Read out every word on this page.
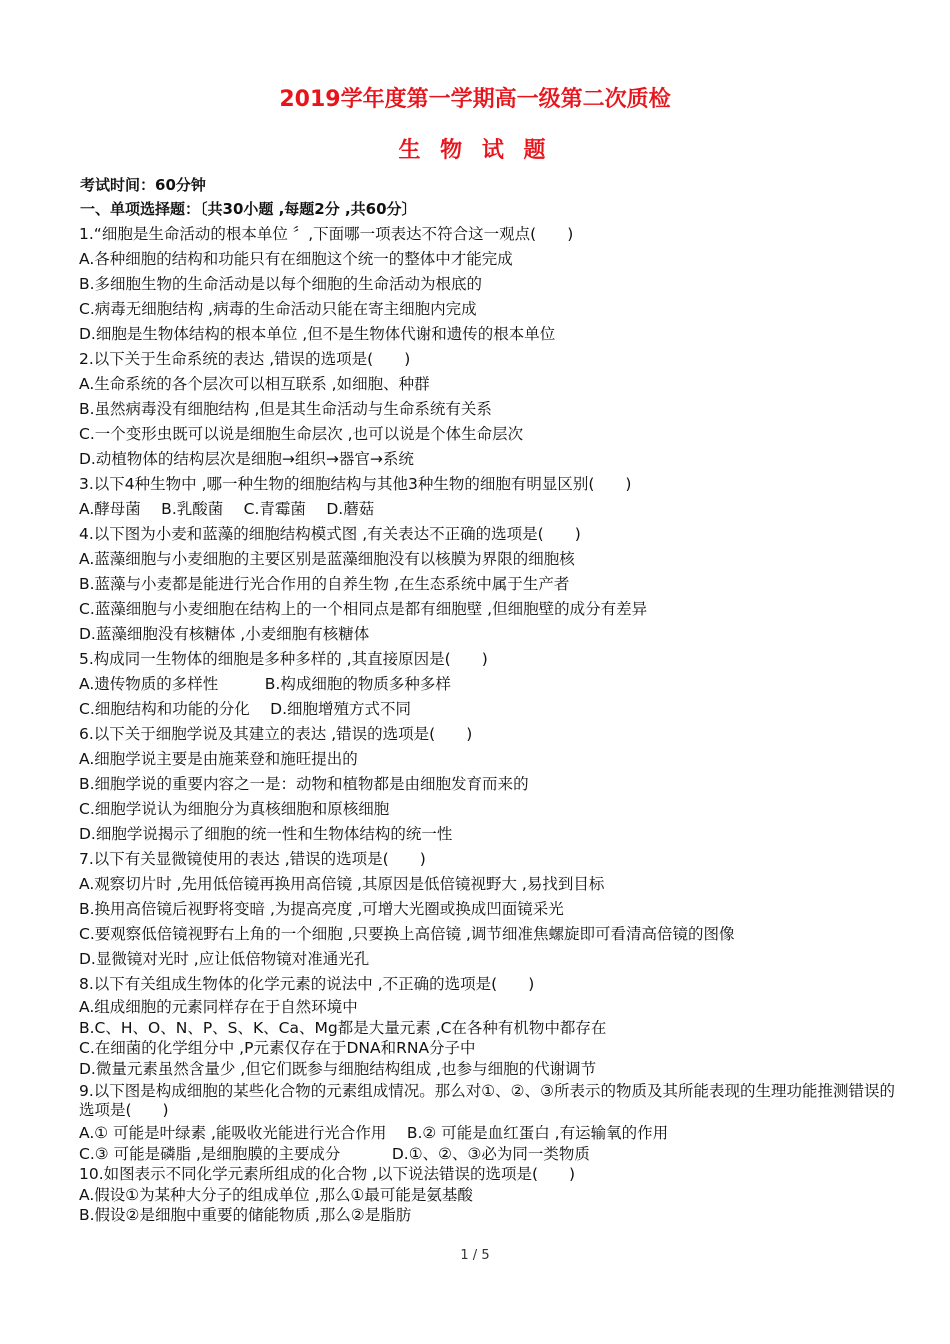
2019学年度第一学期高一级第二次质检
生 物 试 题
考试时间：60分钟
一、单项选择题：〔共30小题 ,每题2分 ,共60分〕
1.“细胞是生命活动的根本单位 〞,下面哪一项表达不符合这一观点(　　)
A.各种细胞的结构和功能只有在细胞这个统一的整体中才能完成
B.多细胞生物的生命活动是以每个细胞的生命活动为根底的
C.病毒无细胞结构 ,病毒的生命活动只能在寄主细胞内完成
D.细胞是生物体结构的根本单位 ,但不是生物体代谢和遗传的根本单位
2.以下关于生命系统的表达 ,错误的选项是(　　)
A.生命系统的各个层次可以相互联系 ,如细胞、种群
B.虽然病毒没有细胞结构 ,但是其生命活动与生命系统有关系
C.一个变形虫既可以说是细胞生命层次 ,也可以说是个体生命层次
D.动植物体的结构层次是细胞→组织→器官→系统
3.以下4种生物中 ,哪一种生物的细胞结构与其他3种生物的细胞有明显区别(　　)
A.酵母菌　 B.乳酸菌　 C.青霉菌　 D.蘑菇
4.以下图为小麦和蓝藻的细胞结构模式图 ,有关表达不正确的选项是(　　)
A.蓝藻细胞与小麦细胞的主要区别是蓝藻细胞没有以核膜为界限的细胞核
B.蓝藻与小麦都是能进行光合作用的自养生物 ,在生态系统中属于生产者
C.蓝藻细胞与小麦细胞在结构上的一个相同点是都有细胞壁 ,但细胞壁的成分有差异
D.蓝藻细胞没有核糖体 ,小麦细胞有核糖体
5.构成同一生物体的细胞是多种多样的 ,其直接原因是(　　)
A.遗传物质的多样性　　　B.构成细胞的物质多种多样
C.细胞结构和功能的分化　 D.细胞增殖方式不同
6.以下关于细胞学说及其建立的表达 ,错误的选项是(　　)
A.细胞学说主要是由施莱登和施旺提出的
B.细胞学说的重要内容之一是：动物和植物都是由细胞发育而来的
C.细胞学说认为细胞分为真核细胞和原核细胞
D.细胞学说揭示了细胞的统一性和生物体结构的统一性
7.以下有关显微镜使用的表达 ,错误的选项是(　　)
A.观察切片时 ,先用低倍镜再换用高倍镜 ,其原因是低倍镜视野大 ,易找到目标
B.换用高倍镜后视野将变暗 ,为提高亮度 ,可增大光圈或换成凹面镜采光
C.要观察低倍镜视野右上角的一个细胞 ,只要换上高倍镜 ,调节细准焦螺旋即可看清高倍镜的图像
D.显微镜对光时 ,应让低倍物镜对准通光孔
8.以下有关组成生物体的化学元素的说法中 ,不正确的选项是(　　)
A.组成细胞的元素同样存在于自然环境中
B.C、H、O、N、P、S、K、Ca、Mg都是大量元素 ,C在各种有机物中都存在
C.在细菌的化学组分中 ,P元素仅存在于DNA和RNA分子中
D.微量元素虽然含量少 ,但它们既参与细胞结构组成 ,也参与细胞的代谢调节
9.以下图是构成细胞的某些化合物的元素组成情况。那么对①、②、③所表示的物质及其所能表现的生理功能推测错误的选项是(　　)
A.① 可能是叶绿素 ,能吸收光能进行光合作用　 B.② 可能是血红蛋白 ,有运输氧的作用
C.③ 可能是磷脂 ,是细胞膜的主要成分　　　 D.①、②、③必为同一类物质
10.如图表示不同化学元素所组成的化合物 ,以下说法错误的选项是(　　)
A.假设①为某种大分子的组成单位 ,那么①最可能是氨基酸
B.假设②是细胞中重要的储能物质 ,那么②是脂肪
1 / 5
